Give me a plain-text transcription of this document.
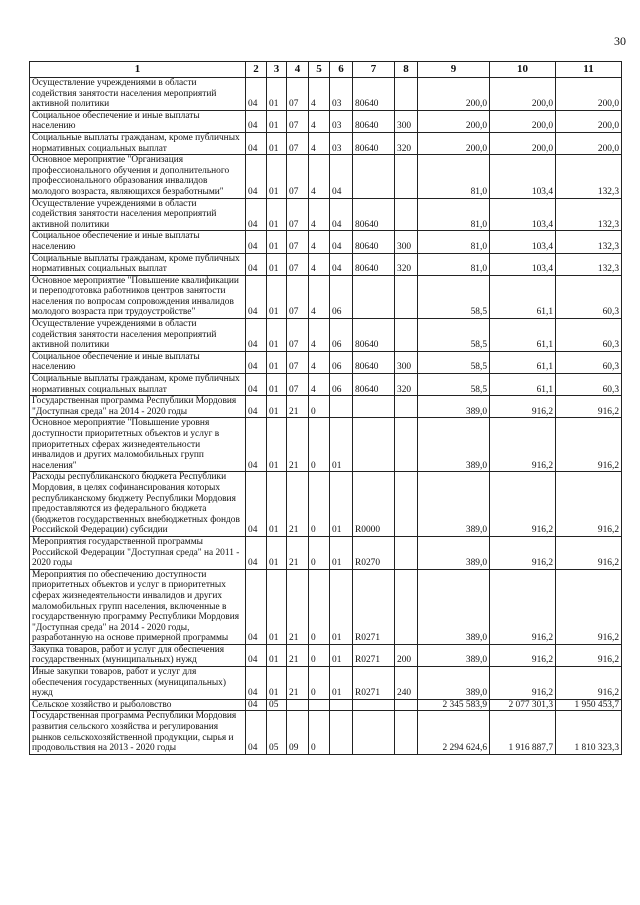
30
1	2	3	4	5	6	7	8	9	10	11
Осуществление учреждениями в области содействия занятости населения мероприятий активной политики	04	01	07	4	03	80640		200,0	200,0	200,0
Социальное обеспечение и иные выплаты населению	04	01	07	4	03	80640	300	200,0	200,0	200,0
Социальные выплаты гражданам, кроме публичных нормативных социальных выплат	04	01	07	4	03	80640	320	200,0	200,0	200,0
Основное мероприятие "Организация профессионального обучения и дополнительного профессионального образования инвалидов молодого возраста, являющихся безработными"	04	01	07	4	04			81,0	103,4	132,3
Осуществление учреждениями в области содействия занятости населения мероприятий активной политики	04	01	07	4	04	80640		81,0	103,4	132,3
Социальное обеспечение и иные выплаты населению	04	01	07	4	04	80640	300	81,0	103,4	132,3
Социальные выплаты гражданам, кроме публичных нормативных социальных выплат	04	01	07	4	04	80640	320	81,0	103,4	132,3
Основное мероприятие "Повышение квалификации и переподготовка работников центров занятости населения по вопросам сопровождения инвалидов молодого возраста при трудоустройстве"	04	01	07	4	06			58,5	61,1	60,3
Осуществление учреждениями в области содействия занятости населения мероприятий активной политики	04	01	07	4	06	80640		58,5	61,1	60,3
Социальное обеспечение и иные выплаты населению	04	01	07	4	06	80640	300	58,5	61,1	60,3
Социальные выплаты гражданам, кроме публичных нормативных социальных выплат	04	01	07	4	06	80640	320	58,5	61,1	60,3
Государственная программа Республики Мордовия "Доступная среда" на 2014 - 2020 годы	04	01	21	0				389,0	916,2	916,2
Основное мероприятие "Повышение уровня доступности приоритетных объектов и услуг в приоритетных сферах жизнедеятельности инвалидов и других маломобильных групп населения"	04	01	21	0	01			389,0	916,2	916,2
Расходы республиканского бюджета Республики Мордовия, в целях софинансирования которых республиканскому бюджету Республики Мордовия предоставляются из федерального бюджета (бюджетов государственных внебюджетных фондов Российской Федерации) субсидии	04	01	21	0	01	R0000		389,0	916,2	916,2
Мероприятия государственной программы Российской Федерации "Доступная среда" на 2011 - 2020 годы	04	01	21	0	01	R0270		389,0	916,2	916,2
Мероприятия по обеспечению доступности приоритетных объектов и услуг в приоритетных сферах жизнедеятельности инвалидов и других маломобильных групп населения, включенные в государственную программу Республики Мордовия "Доступная среда" на 2014 - 2020 годы, разработанную на основе примерной программы	04	01	21	0	01	R0271		389,0	916,2	916,2
Закупка товаров, работ и услуг для обеспечения государственных (муниципальных) нужд	04	01	21	0	01	R0271	200	389,0	916,2	916,2
Иные закупки товаров, работ и услуг для обеспечения государственных (муниципальных) нужд	04	01	21	0	01	R0271	240	389,0	916,2	916,2
Сельское хозяйство и рыболовство	04	05						2 345 583,9	2 077 301,3	1 950 453,7
Государственная программа Республики Мордовия развития сельского хозяйства и регулирования рынков сельскохозяйственной продукции, сырья и продовольствия на 2013 - 2020 годы	04	05	09	0				2 294 624,6	1 916 887,7	1 810 323,3
